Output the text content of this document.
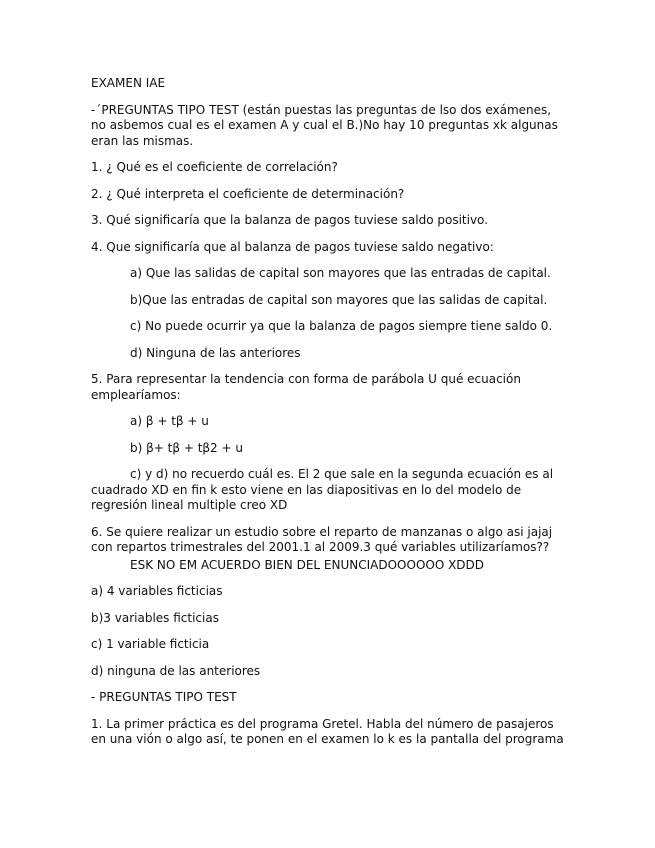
EXAMEN IAE

-´PREGUNTAS TIPO TEST (están puestas las preguntas de lso dos exámenes, no asbemos cual es el examen A y cual el B.)No hay 10 preguntas xk algunas eran las mismas.

1. ¿ Qué es el coeficiente de correlación?

2. ¿ Qué interpreta el coeficiente de determinación?

3. Qué significaría que la balanza de pagos tuviese saldo positivo.

4. Que significaría que al balanza de pagos tuviese saldo negativo:

a) Que las salidas de capital son mayores que las entradas de capital.

b)Que las entradas de capital son mayores que las salidas de capital.

c) No puede ocurrir ya que la balanza de pagos siempre tiene saldo 0.

d) Ninguna de las anteriores

5. Para representar la tendencia con forma de parábola U qué ecuación emplearíamos:

a) β + tβ + u

b) β+ tβ + tβ2 + u

c) y d) no recuerdo cuál es. El 2 que sale en la segunda ecuación es al cuadrado XD en fin k esto viene en las diapositivas en lo del modelo de regresión lineal multiple creo XD

6. Se quiere realizar un estudio sobre el reparto de manzanas o algo asi jajaj con repartos trimestrales del 2001.1 al 2009.3 qué variables utilizaríamos??

ESK NO EM ACUERDO BIEN DEL ENUNCIADOOOOOO XDDD

a) 4 variables ficticias

b)3 variables ficticias

c) 1 variable ficticia

d) ninguna de las anteriores

- PREGUNTAS TIPO TEST

1. La primer práctica es del programa Gretel. Habla del número de pasajeros en una vión o algo así, te ponen en el examen lo k es la pantalla del programa
